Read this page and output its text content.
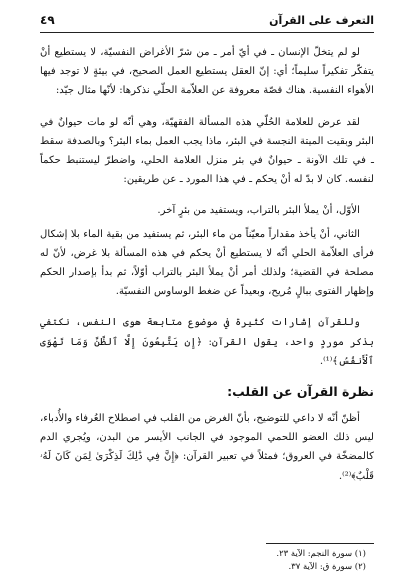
التعرف على القرآن
٤٩

لو لم يتخلّ الإنسان ـ في أيّ أمر ـ من شرّ الأغراض النفسيّة، لا يستطيع أنْ يتفكّر تفكيراً سليماً؛ أي: إنّ العقل يستطيع العمل الصحيح، في بيئةٍ لا توجد فيها الأهواء النفسية. هناك قصّة معروفة عن العلاّمة الحلّي نذكرها: لأنّها مثال جيّد:

لقد عرض للعلامة الحُلّي هذه المسألة الفقهيّة، وهي أنّه لو مات حيوانٌ في البئر وبقيت الميتة النجسة في البئر، ماذا يجب العمل بماء البئر؟ وبالصدفة سقط ـ في تلك الآونة ـ حيوانٌ في بئر منزل العلامة الحلي، واضطرّ ليستنبط حكماً لنفسه. كان لا بدّ له أنْ يحكم ـ في هذا المورد ـ عن طريقين:

الأوّل، أنْ يملأ البئر بالتراب، ويستفيد من بئرٍ آخر.

الثاني، أنْ يأخذ مقداراً معيّناً من ماء البئر، ثم يستفيد من بقية الماء بلا إشكال فرأى العلاّمة الحلي أنّه لا يستطيع أنْ يحكم في هذه المسألة بلا غرض، لأنّ له مصلحة في القضية؛ ولذلك أمر أنْ يملأ البئر بالتراب أوّلاً، ثم بدأ بإصدار الحكم وإظهار الفتوى ببالٍ مُريح، وبعيداً عن ضغط الوساوس النفسيّة.

وللقرآن إشارات كثيرة في موضوع متابعة هوى النفس، نكتفي بذكر موردٍ واحد، يقول القرآن: ﴿إِن يَتَّبِعُونَ إِلَّا ٱلظَّنَّ وَمَا تَهْوَى ٱلْأَنفُسُ﴾⁽¹⁾.

نظرة القرآن عن القلب:

أظنّ أنّه لا داعي للتوضيح، بأنّ الغرض من القلب في اصطلاح العُرفاء والأُدباء، ليس ذلك العضو اللحمي الموجود في الجانب الأيسر من البدن، ويُجري الدم كالمضخّة في العروق؛ فمثلاً في تعبير القرآن: ﴿إِنَّ فِي ذَٰلِكَ لَذِكْرَىٰ لِمَن كَانَ لَهُۥ قَلْبٌ﴾⁽²⁾.

(١) سورة النجم: الآية ٢٣.
(٢) سورة ق: الآية ٣٧.
